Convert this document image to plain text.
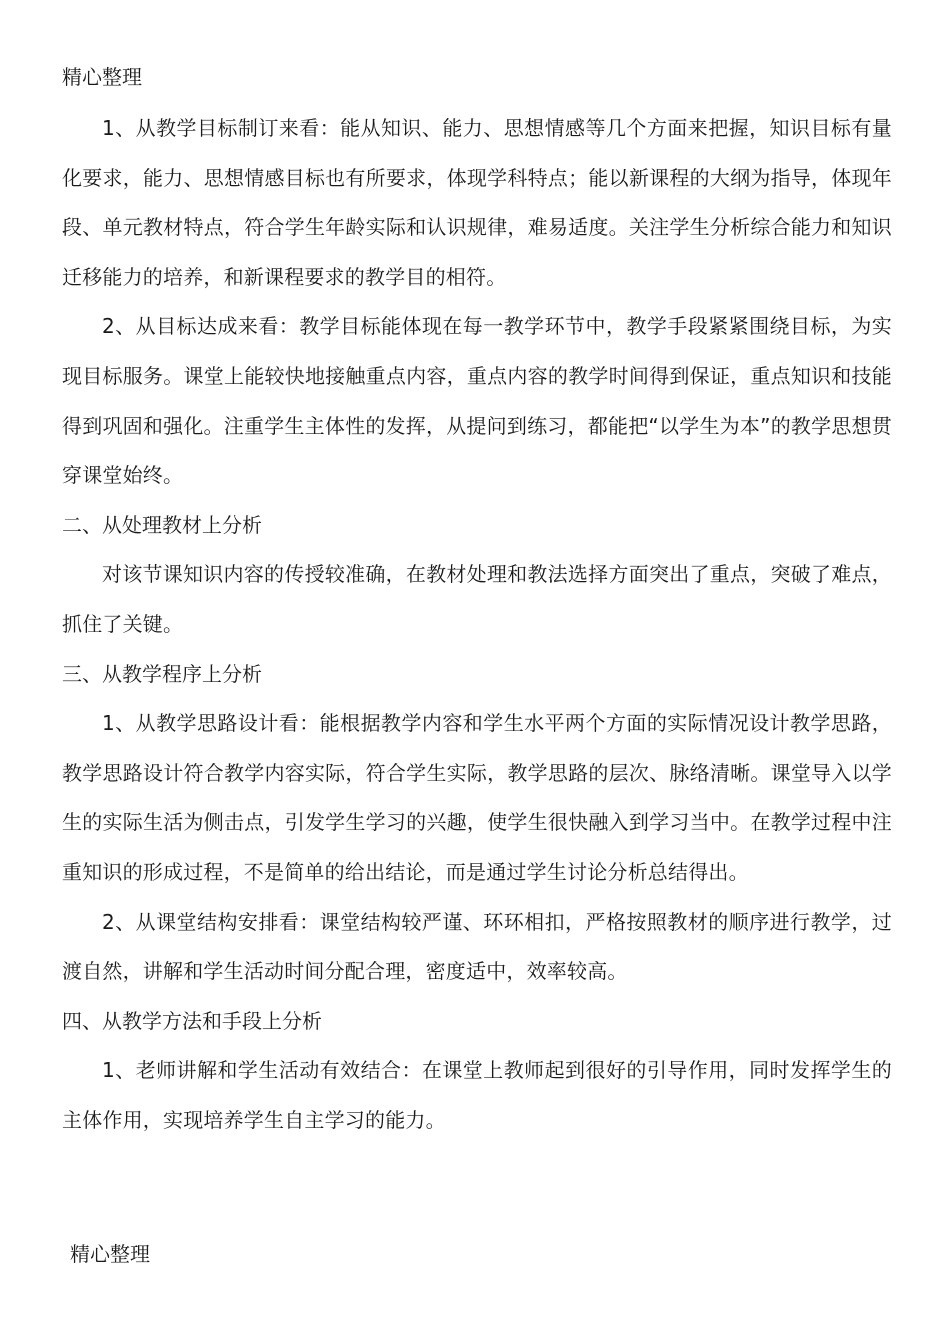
精心整理

1、从教学目标制订来看：能从知识、能力、思想情感等几个方面来把握，知识目标有量化要求，能力、思想情感目标也有所要求，体现学科特点；能以新课程的大纲为指导，体现年段、单元教材特点，符合学生年龄实际和认识规律，难易适度。关注学生分析综合能力和知识迁移能力的培养，和新课程要求的教学目的相符。

2、从目标达成来看：教学目标能体现在每一教学环节中，教学手段紧紧围绕目标，为实现目标服务。课堂上能较快地接触重点内容，重点内容的教学时间得到保证，重点知识和技能得到巩固和强化。注重学生主体性的发挥，从提问到练习，都能把“以学生为本”的教学思想贯穿课堂始终。

二、从处理教材上分析

对该节课知识内容的传授较准确，在教材处理和教法选择方面突出了重点，突破了难点，抓住了关键。

三、从教学程序上分析

1、从教学思路设计看：能根据教学内容和学生水平两个方面的实际情况设计教学思路，教学思路设计符合教学内容实际，符合学生实际，教学思路的层次、脉络清晰。课堂导入以学生的实际生活为侧击点，引发学生学习的兴趣，使学生很快融入到学习当中。在教学过程中注重知识的形成过程，不是简单的给出结论，而是通过学生讨论分析总结得出。

2、从课堂结构安排看：课堂结构较严谨、环环相扣，严格按照教材的顺序进行教学，过渡自然，讲解和学生活动时间分配合理，密度适中，效率较高。

四、从教学方法和手段上分析

1、老师讲解和学生活动有效结合：在课堂上教师起到很好的引导作用，同时发挥学生的主体作用，实现培养学生自主学习的能力。

精心整理
